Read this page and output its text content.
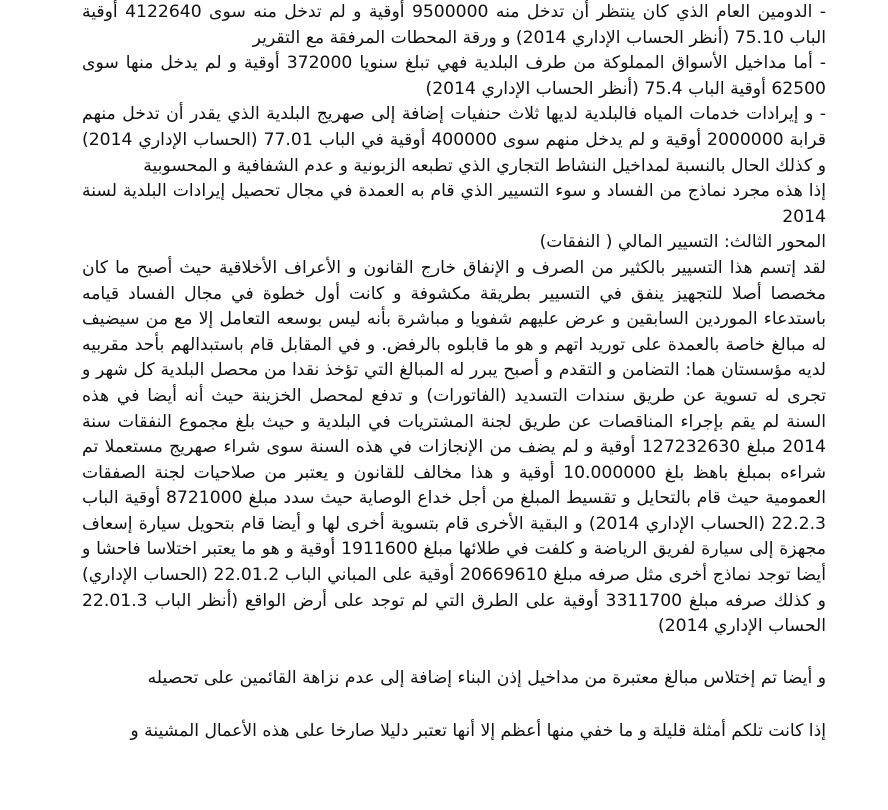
- الدومين العام الذي كان ينتظر أن تدخل منه 9500000 أوقية و لم تدخل منه سوى 4122640 أوقية الباب 75.10 (أنظر الحساب الإداري 2014) و ورقة المحطات المرفقة مع التقرير

- أما مداخيل الأسواق المملوكة من طرف البلدية فهي تبلغ سنويا 372000 أوقية و لم يدخل منها سوى 62500 أوقية الباب 75.4 (أنظر الحساب الإداري 2014)

- و إيرادات خدمات المياه فالبلدية لديها ثلاث حنفيات إضافة إلى صهريج البلدية الذي يقدر أن تدخل منهم قرابة 2000000 أوقية و لم يدخل منهم سوى 400000 أوقية في الباب 77.01 (الحساب الإداري 2014) و كذلك الحال بالنسبة لمداخيل النشاط التجاري الذي تطبعه الزبونية و عدم الشفافية و المحسوبية

إذا هذه مجرد نماذج من الفساد و سوء التسيير الذي قام به العمدة في مجال تحصيل إيرادات البلدية لسنة 2014

المحور الثالث: التسيير المالي ( النفقات)

لقد إتسم هذا التسيير بالكثير من الصرف و الإنفاق خارج القانون و الأعراف الأخلاقية حيث أصبح ما كان مخصصا أصلا للتجهيز ينفق في التسيير بطريقة مكشوفة و كانت أول خطوة في مجال الفساد قيامه باستدعاء الموردين السابقين و عرض عليهم شفويا و مباشرة بأنه ليس بوسعه التعامل إلا مع من سيضيف له مبالغ خاصة بالعمدة على توريد اتهم و هو ما قابلوه بالرفض. و في المقابل قام باستبدالهم بأحد مقربيه لديه مؤسستان هما: التضامن و التقدم و أصبح يبرر له المبالغ التي تؤخذ نقدا من محصل البلدية كل شهر و تجرى له تسوية عن طريق سندات التسديد (الفاتورات) و تدفع لمحصل الخزينة حيث أنه أيضا في هذه السنة لم يقم بإجراء المناقصات عن طريق لجنة المشتريات في البلدية و حيث بلغ مجموع النفقات سنة 2014 مبلغ 127232630 أوقية و لم يضف من الإنجازات في هذه السنة سوى شراء صهريج مستعملا تم شراءه بمبلغ باهظ بلغ 10.000000 أوقية و هذا مخالف للقانون و يعتبر من صلاحيات لجنة الصفقات العمومية حيث قام بالتحايل و تقسيط المبلغ من أجل خداع الوصاية حيث سدد مبلغ 8721000 أوقية الباب 22.2.3 (الحساب الإداري 2014) و البقية الأخرى قام بتسوية أخرى لها و أيضا قام بتحويل سيارة إسعاف مجهزة إلى سيارة لفريق الرياضة و كلفت في طلائها مبلغ 1911600 أوقية و هو ما يعتبر اختلاسا فاحشا و أيضا توجد نماذج أخرى مثل صرفه مبلغ 20669610 أوقية على المباني الباب 22.01.2 (الحساب الإداري) و كذلك صرفه مبلغ 3311700 أوقية على الطرق التي لم توجد على أرض الواقع (أنظر الباب 22.01.3 الحساب الإداري 2014)

و أيضا تم إختلاس مبالغ معتبرة من مداخيل إذن البناء إضافة إلى عدم نزاهة القائمين على تحصيله

إذا كانت تلكم أمثلة قليلة و ما خفي منها أعظم إلا أنها تعتبر دليلا صارخا على هذه الأعمال المشينة و
